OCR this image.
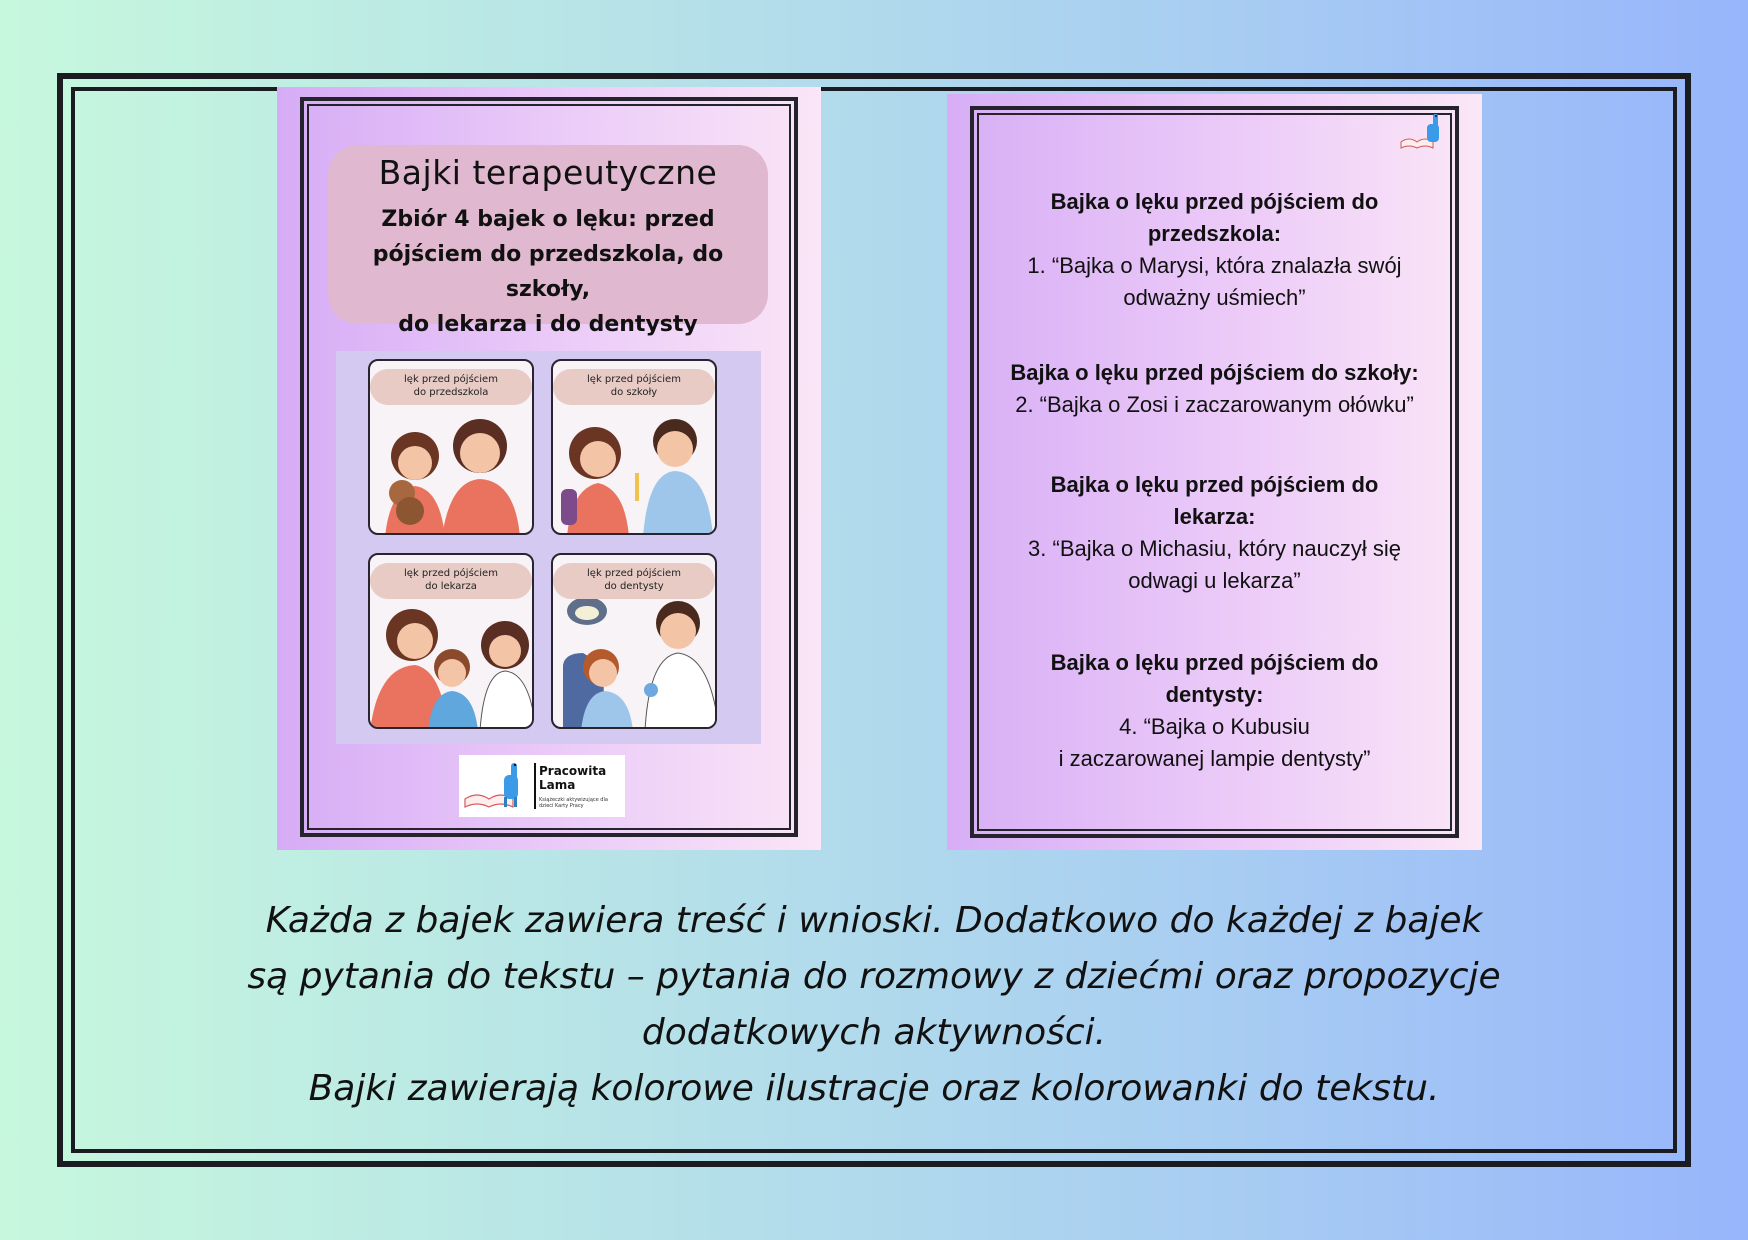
Bajki terapeutyczne
Zbiór 4 bajek o lęku: przed
pójściem do przedszkola, do szkoły,
do lekarza i do dentysty
lęk przed pójściem
do przedszkola
lęk przed pójściem
do szkoły
lęk przed pójściem
do lekarza
lęk przed pójściem
do dentysty
Pracowita
Lama
Książeczki aktywizujące dla dzieci Karty Pracy
Bajka o lęku przed pójściem do
przedszkola:
1. “Bajka o Marysi, która znalazła swój
odważny uśmiech”
Bajka o lęku przed pójściem do szkoły:
2. “Bajka o Zosi i zaczarowanym ołówku”
Bajka o lęku przed pójściem do
lekarza:
3. “Bajka o Michasiu, który nauczył się
odwagi u lekarza”
Bajka o lęku przed pójściem do
dentysty:
4. “Bajka o Kubusiu
i zaczarowanej lampie dentysty”
Każda z bajek zawiera treść i wnioski. Dodatkowo do każdej z bajek
są pytania do tekstu – pytania do rozmowy z dziećmi oraz propozycje
dodatkowych aktywności.
Bajki zawierają kolorowe ilustracje oraz kolorowanki do tekstu.
